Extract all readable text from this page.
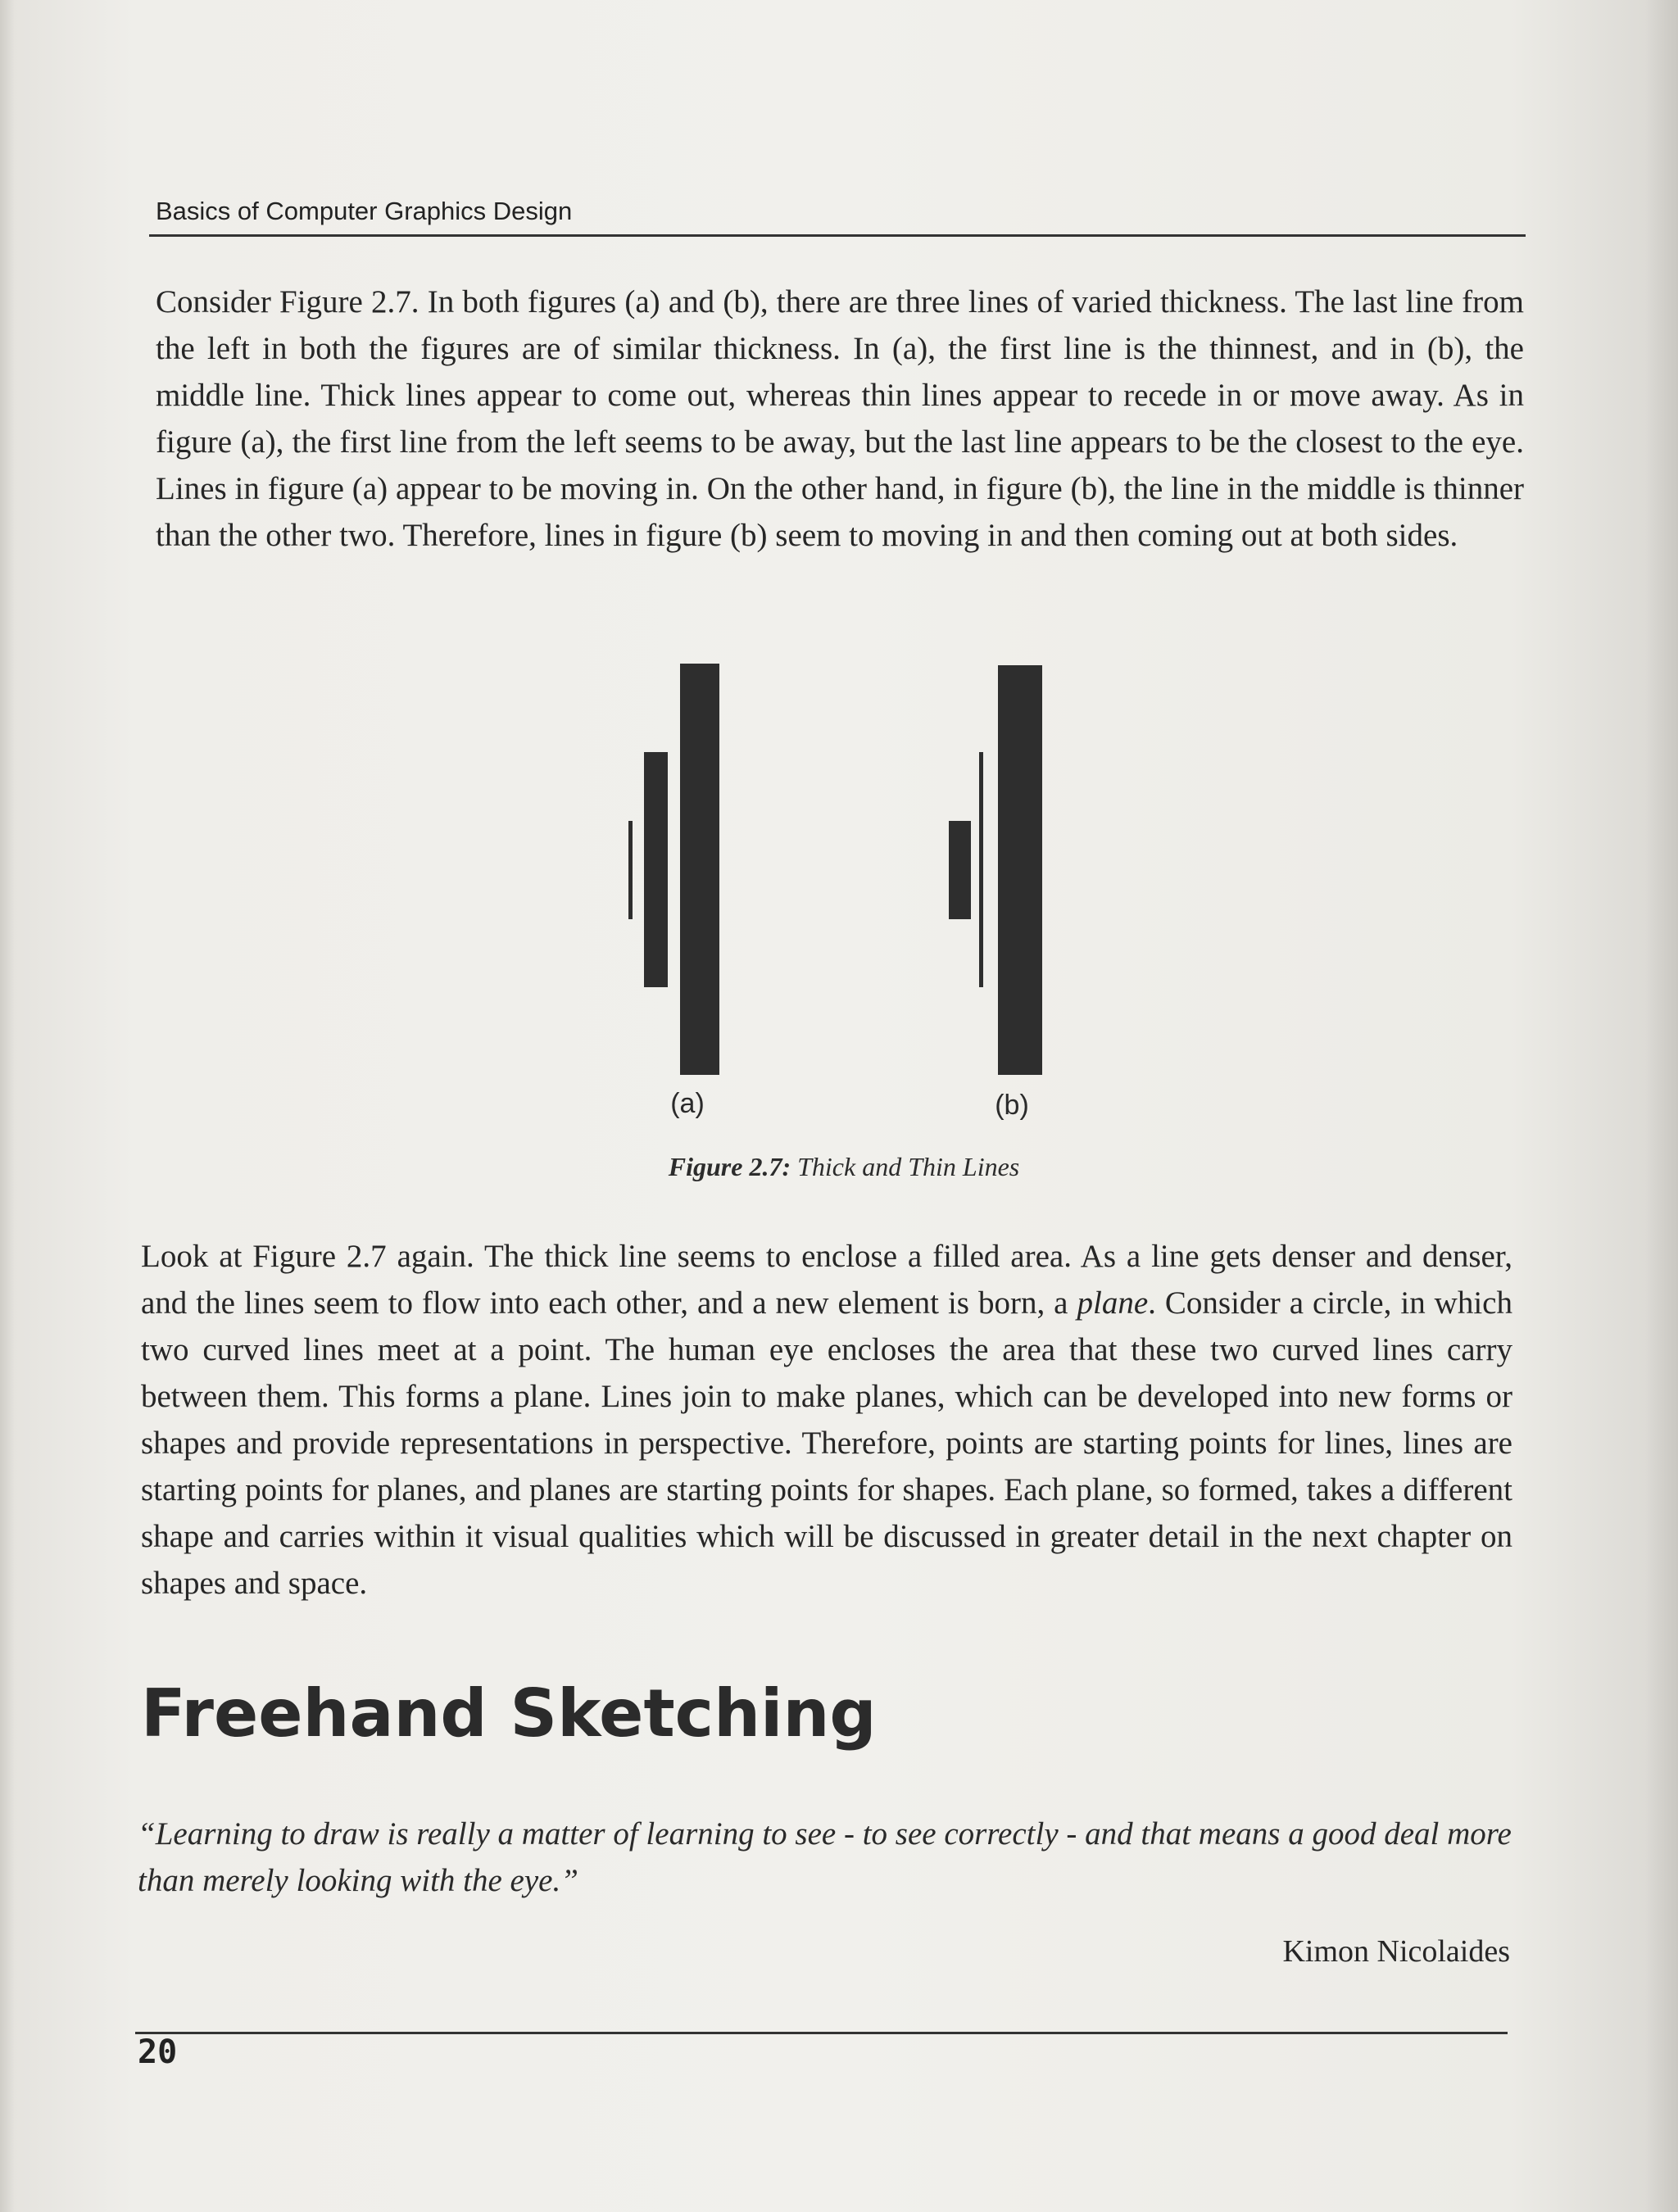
Basics of Computer Graphics Design

Consider Figure 2.7. In both figures (a) and (b), there are three lines of varied thickness. The last line from the left in both the figures are of similar thickness. In (a), the first line is the thinnest, and in (b), the middle line. Thick lines appear to come out, whereas thin lines appear to recede in or move away. As in figure (a), the first line from the left seems to be away, but the last line appears to be the closest to the eye. Lines in figure (a) appear to be moving in. On the other hand, in figure (b), the line in the middle is thinner than the other two. Therefore, lines in figure (b) seem to moving in and then coming out at both sides.

(a)	(b)
Figure 2.7: Thick and Thin Lines

Look at Figure 2.7 again. The thick line seems to enclose a filled area. As a line gets denser and denser, and the lines seem to flow into each other, and a new element is born, a plane. Consider a circle, in which two curved lines meet at a point. The human eye encloses the area that these two curved lines carry between them. This forms a plane. Lines join to make planes, which can be developed into new forms or shapes and provide representations in perspective. Therefore, points are starting points for lines, lines are starting points for planes, and planes are starting points for shapes. Each plane, so formed, takes a different shape and carries within it visual qualities which will be discussed in greater detail in the next chapter on shapes and space.

Freehand Sketching

“Learning to draw is really a matter of learning to see - to see correctly - and that means a good deal more than merely looking with the eye.”

Kimon Nicolaides
20
